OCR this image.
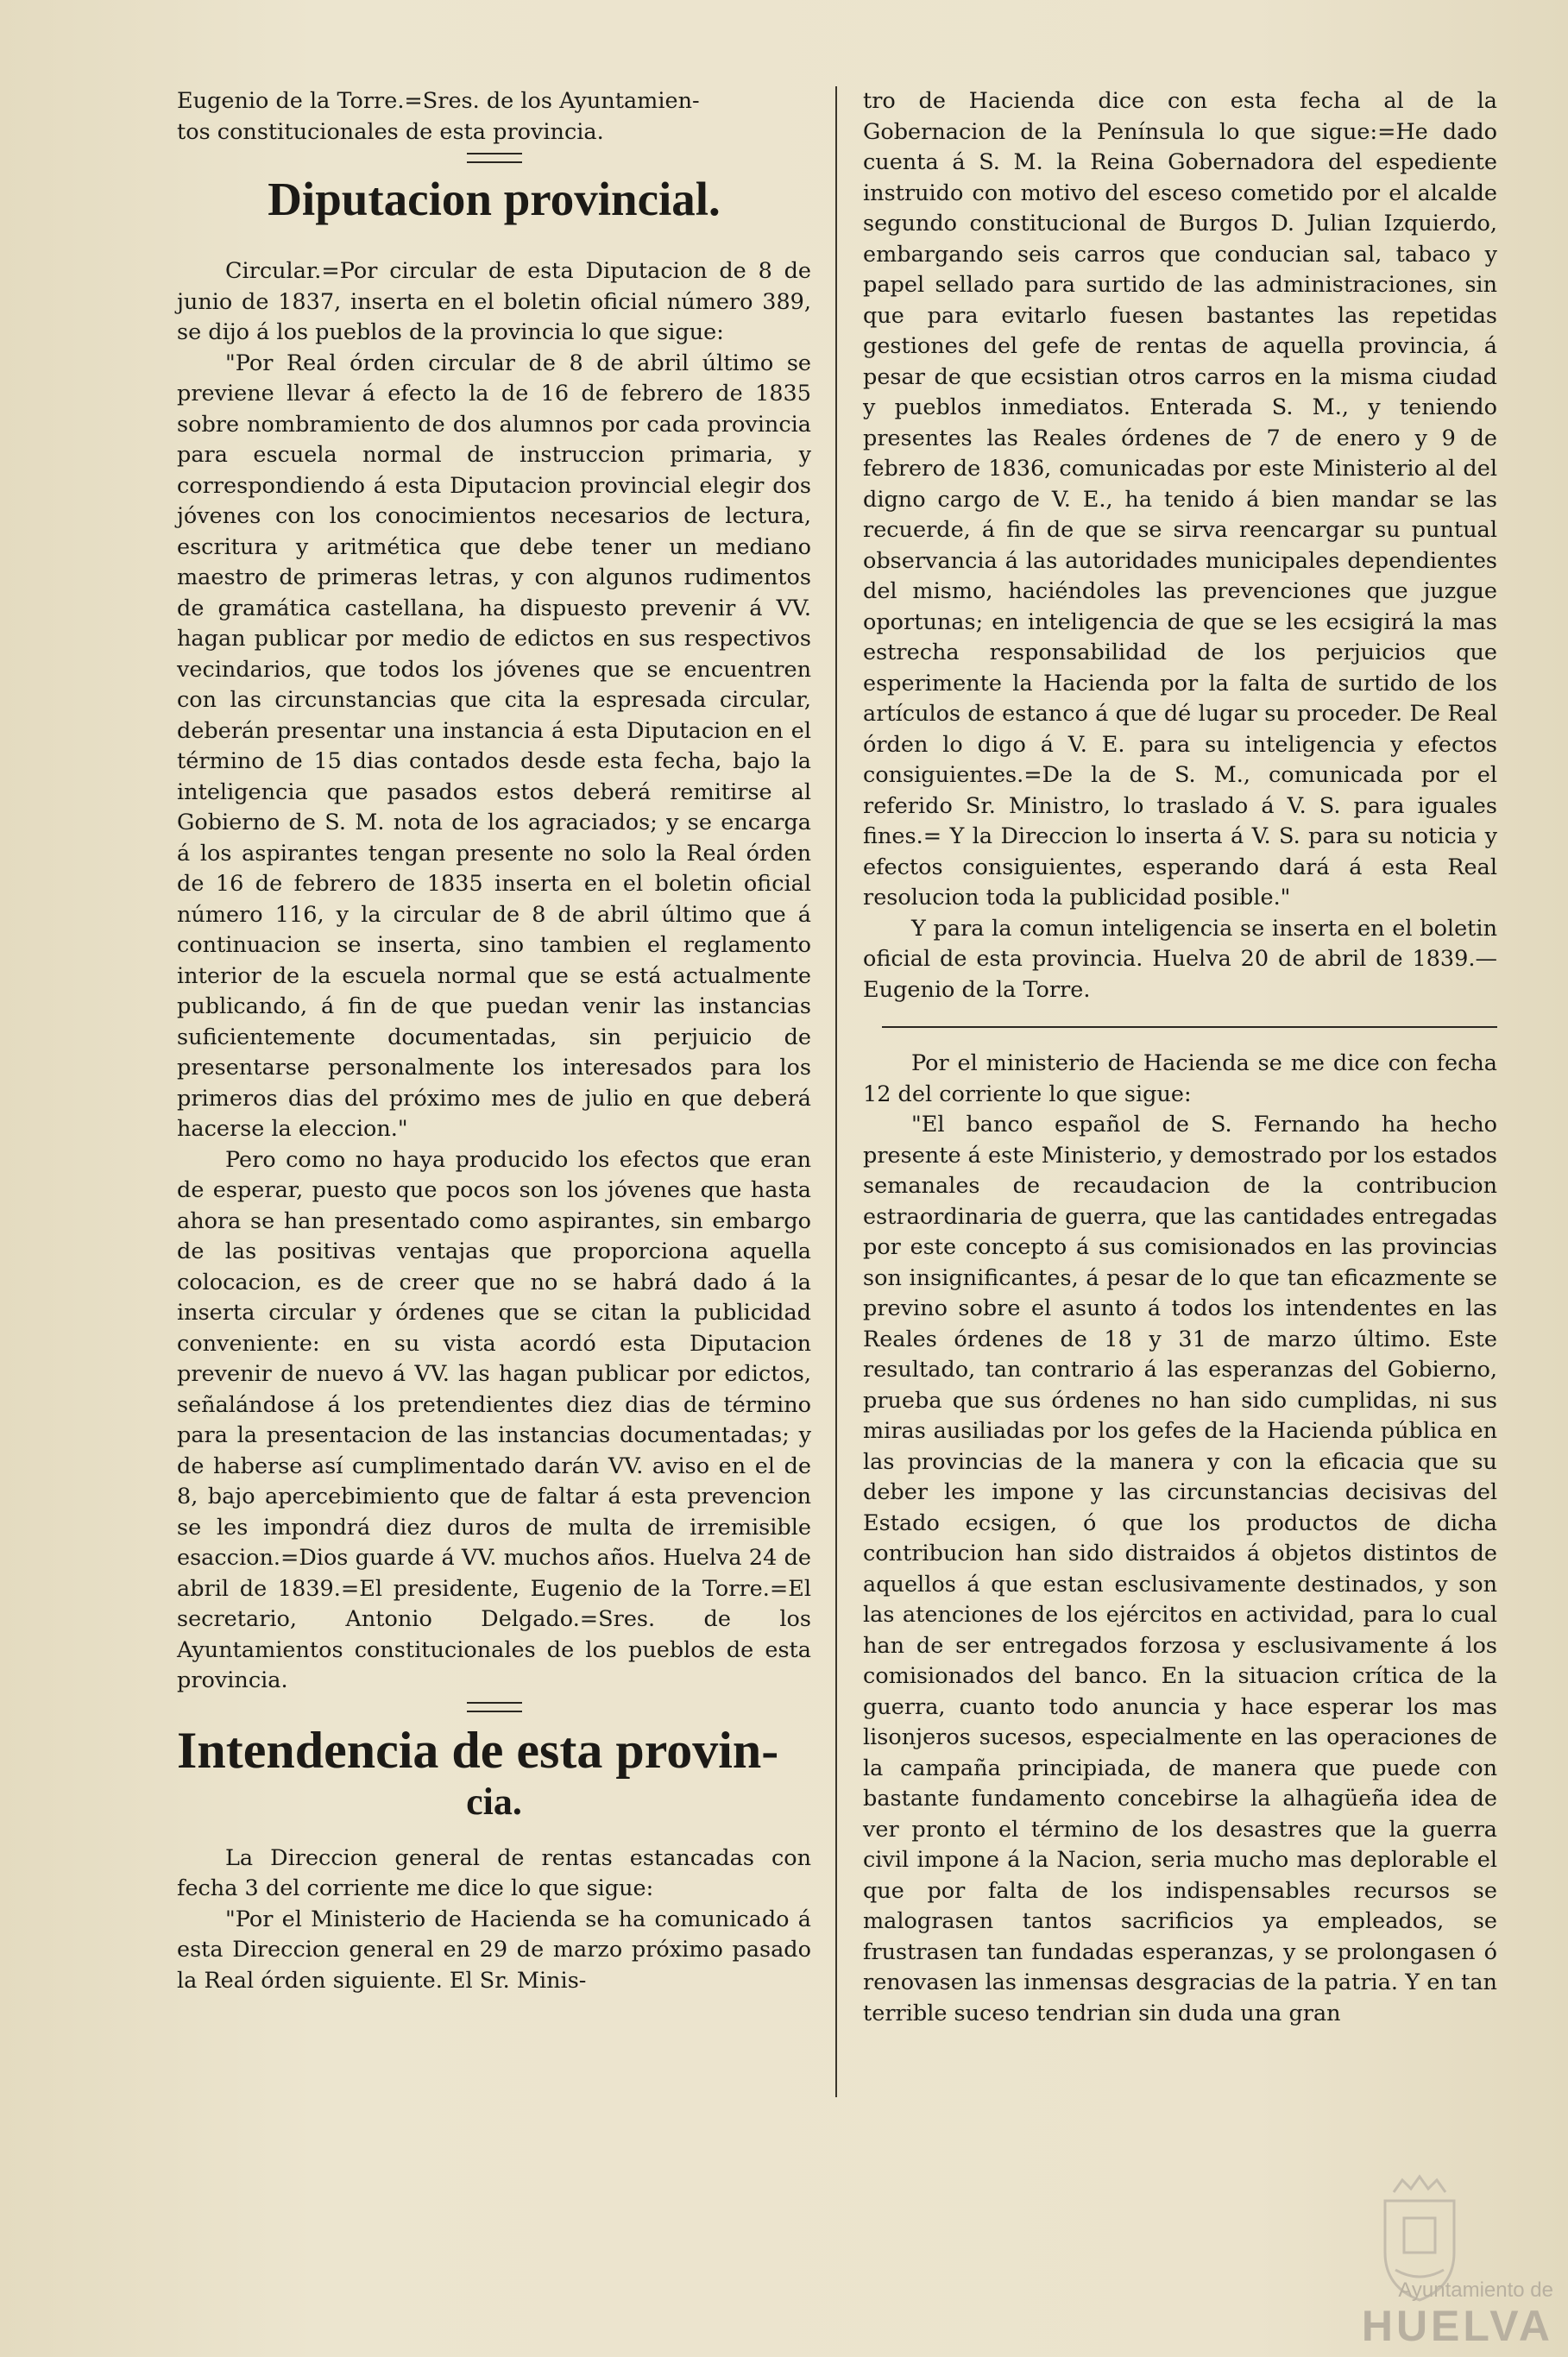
Eugenio de la Torre.=Sres. de los Ayuntamien-

tos constitucionales de esta provincia.

Diputacion provincial.

Circular.=Por circular de esta Diputacion de 8 de junio de 1837, inserta en el boletin oficial número 389, se dijo á los pueblos de la provincia lo que sigue:

"Por Real órden circular de 8 de abril último se previene llevar á efecto la de 16 de febrero de 1835 sobre nombramiento de dos alumnos por cada provincia para escuela normal de instruccion primaria, y correspondiendo á esta Diputacion provincial elegir dos jóvenes con los conocimientos necesarios de lectura, escritura y aritmética que debe tener un mediano maestro de primeras letras, y con algunos rudimentos de gramática castellana, ha dispuesto prevenir á VV. hagan publicar por medio de edictos en sus respectivos vecindarios, que todos los jóvenes que se encuentren con las circunstancias que cita la espresada circular, deberán presentar una instancia á esta Diputacion en el término de 15 dias contados desde esta fecha, bajo la inteligencia que pasados estos deberá remitirse al Gobierno de S. M. nota de los agraciados; y se encarga á los aspirantes tengan presente no solo la Real órden de 16 de febrero de 1835 inserta en el boletin oficial número 116, y la circular de 8 de abril último que á continuacion se inserta, sino tambien el reglamento interior de la escuela normal que se está actualmente publicando, á fin de que puedan venir las instancias suficientemente documentadas, sin perjuicio de presentarse personalmente los interesados para los primeros dias del próximo mes de julio en que deberá hacerse la eleccion."

Pero como no haya producido los efectos que eran de esperar, puesto que pocos son los jóvenes que hasta ahora se han presentado como aspirantes, sin embargo de las positivas ventajas que proporciona aquella colocacion, es de creer que no se habrá dado á la inserta circular y órdenes que se citan la publicidad conveniente: en su vista acordó esta Diputacion prevenir de nuevo á VV. las hagan publicar por edictos, señalándose á los pretendientes diez dias de término para la presentacion de las instancias documentadas; y de haberse así cumplimentado darán VV. aviso en el de 8, bajo apercebimiento que de faltar á esta prevencion se les impondrá diez duros de multa de irremisible esaccion.=Dios guarde á VV. muchos años. Huelva 24 de abril de 1839.=El presidente, Eugenio de la Torre.=El secretario, Antonio Delgado.=Sres. de los Ayuntamientos constitucionales de los pueblos de esta provincia.

Intendencia de esta provin-
cia.

La Direccion general de rentas estancadas con fecha 3 del corriente me dice lo que sigue:

"Por el Ministerio de Hacienda se ha comunicado á esta Direccion general en 29 de marzo próximo pasado la Real órden siguiente. El Sr. Minis-

tro de Hacienda dice con esta fecha al de la Gobernacion de la Península lo que sigue:=He dado cuenta á S. M. la Reina Gobernadora del espediente instruido con motivo del esceso cometido por el alcalde segundo constitucional de Burgos D. Julian Izquierdo, embargando seis carros que conducian sal, tabaco y papel sellado para surtido de las administraciones, sin que para evitarlo fuesen bastantes las repetidas gestiones del gefe de rentas de aquella provincia, á pesar de que ecsistian otros carros en la misma ciudad y pueblos inmediatos. Enterada S. M., y teniendo presentes las Reales órdenes de 7 de enero y 9 de febrero de 1836, comunicadas por este Ministerio al del digno cargo de V. E., ha tenido á bien mandar se las recuerde, á fin de que se sirva reencargar su puntual observancia á las autoridades municipales dependientes del mismo, haciéndoles las prevenciones que juzgue oportunas; en inteligencia de que se les ecsigirá la mas estrecha responsabilidad de los perjuicios que esperimente la Hacienda por la falta de surtido de los artículos de estanco á que dé lugar su proceder. De Real órden lo digo á V. E. para su inteligencia y efectos consiguientes.=De la de S. M., comunicada por el referido Sr. Ministro, lo traslado á V. S. para iguales fines.= Y la Direccion lo inserta á V. S. para su noticia y efectos consiguientes, esperando dará á esta Real resolucion toda la publicidad posible."

Y para la comun inteligencia se inserta en el boletin oficial de esta provincia. Huelva 20 de abril de 1839.—Eugenio de la Torre.

Por el ministerio de Hacienda se me dice con fecha 12 del corriente lo que sigue:

"El banco español de S. Fernando ha hecho presente á este Ministerio, y demostrado por los estados semanales de recaudacion de la contribucion estraordinaria de guerra, que las cantidades entregadas por este concepto á sus comisionados en las provincias son insignificantes, á pesar de lo que tan eficazmente se previno sobre el asunto á todos los intendentes en las Reales órdenes de 18 y 31 de marzo último. Este resultado, tan contrario á las esperanzas del Gobierno, prueba que sus órdenes no han sido cumplidas, ni sus miras ausiliadas por los gefes de la Hacienda pública en las provincias de la manera y con la eficacia que su deber les impone y las circunstancias decisivas del Estado ecsigen, ó que los productos de dicha contribucion han sido distraidos á objetos distintos de aquellos á que estan esclusivamente destinados, y son las atenciones de los ejércitos en actividad, para lo cual han de ser entregados forzosa y esclusivamente á los comisionados del banco. En la situacion crítica de la guerra, cuanto todo anuncia y hace esperar los mas lisonjeros sucesos, especialmente en las operaciones de la campaña principiada, de manera que puede con bastante fundamento concebirse la alhagüeña idea de ver pronto el término de los desastres que la guerra civil impone á la Nacion, seria mucho mas deplorable el que por falta de los indispensables recursos se malograsen tantos sacrificios ya empleados, se frustrasen tan fundadas esperanzas, y se prolongasen ó renovasen las inmensas desgracias de la patria. Y en tan terrible suceso tendrian sin duda una gran

Ayuntamiento de
HUELVA
